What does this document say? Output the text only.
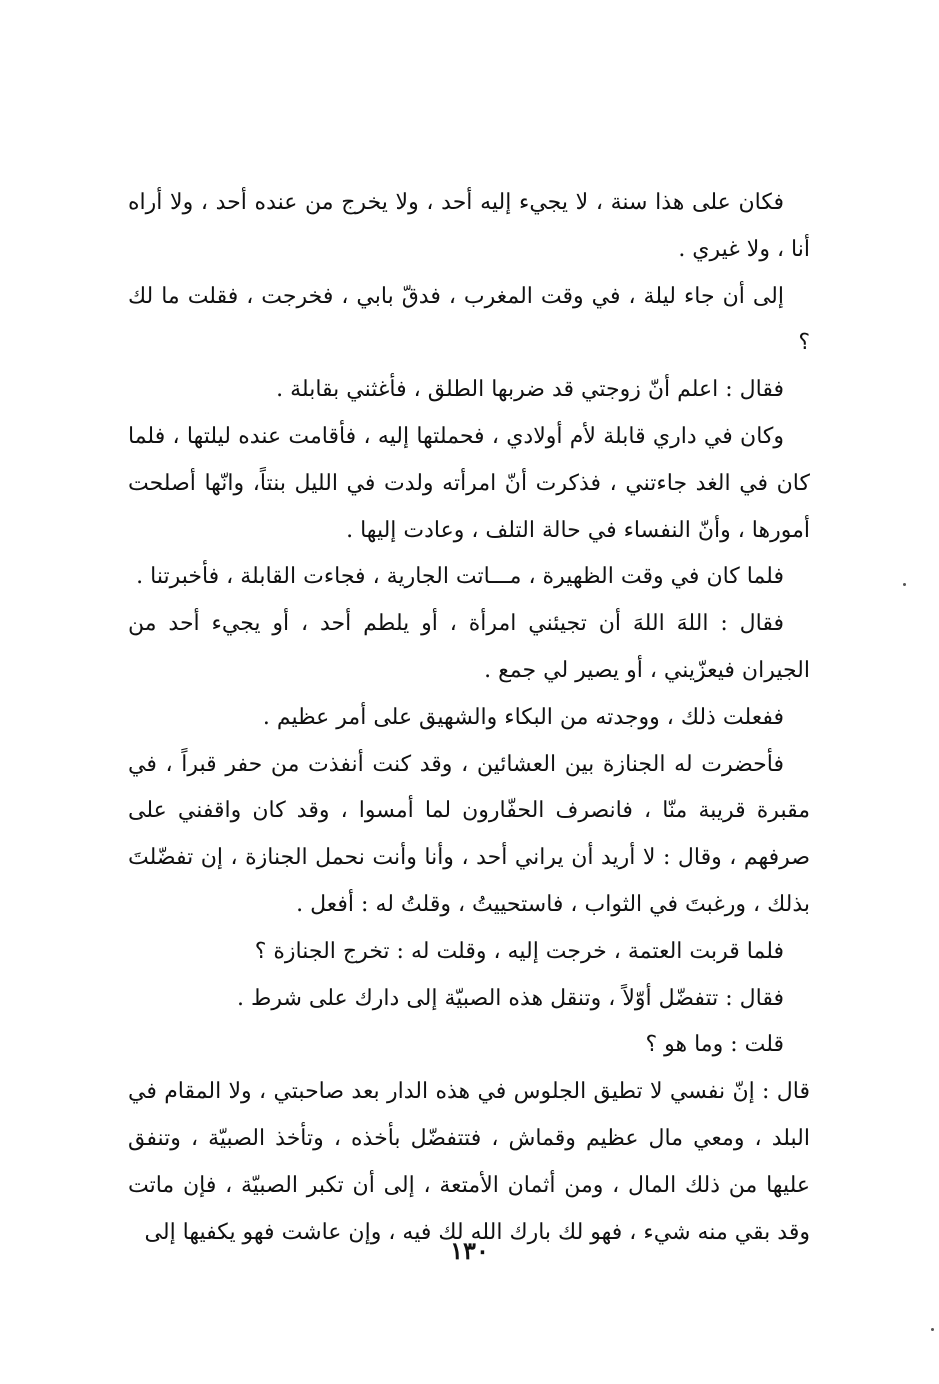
فكان على هذا سنة ، لا يجيء إليه أحد ، ولا يخرج من عنده أحد ، ولا أراه أنا ، ولا غيري .

إلى أن جاء ليلة ، في وقت المغرب ، فدقّ بابي ، فخرجت ، فقلت ما لك ؟

فقال : اعلم أنّ زوجتي قد ضربها الطلق ، فأغثني بقابلة .

وكان في داري قابلة لأم أولادي ، فحملتها إليه ، فأقامت عنده ليلتها ، فلما كان في الغد جاءتني ، فذكرت أنّ امرأته ولدت في الليل بنتاً، وانّها أصلحت أمورها ، وأنّ النفساء في حالة التلف ، وعادت إليها .

فلما كان في وقت الظهيرة ، مـــاتت الجارية ، فجاءت القابلة ، فأخبرتنا .

فقال : اللهَ اللهَ أن تجيئني امرأة ، أو يلطم أحد ، أو يجيء أحد من الجيران فيعزّيني ، أو يصير لي جمع .

ففعلت ذلك ، ووجدته من البكاء والشهيق على أمر عظيم .

فأحضرت له الجنازة بين العشائين ، وقد كنت أنفذت من حفر قبراً ، في مقبرة قريبة منّا ، فانصرف الحفّارون لما أمسوا ، وقد كان واقفني على صرفهم ، وقال : لا أريد أن يراني أحد ، وأنا وأنت نحمل الجنازة ، إن تفضّلتَ بذلك ، ورغبتَ في الثواب ، فاستحييتُ ، وقلتُ له : أفعل .

فلما قربت العتمة ، خرجت إليه ، وقلت له : تخرج الجنازة ؟

فقال : تتفضّل أوّلاً ، وتنقل هذه الصبيّة إلى دارك على شرط .

قلت : وما هو ؟

قال : إنّ نفسي لا تطيق الجلوس في هذه الدار بعد صاحبتي ، ولا المقام في البلد ، ومعي مال عظيم وقماش ، فتتفضّل بأخذه ، وتأخذ الصبيّة ، وتنفق عليها من ذلك المال ، ومن أثمان الأمتعة ، إلى أن تكبر الصبيّة ، فإن ماتت وقد بقي منه شيء ، فهو لك بارك الله لك فيه ، وإن عاشت فهو يكفيها إلى

١٣٠
